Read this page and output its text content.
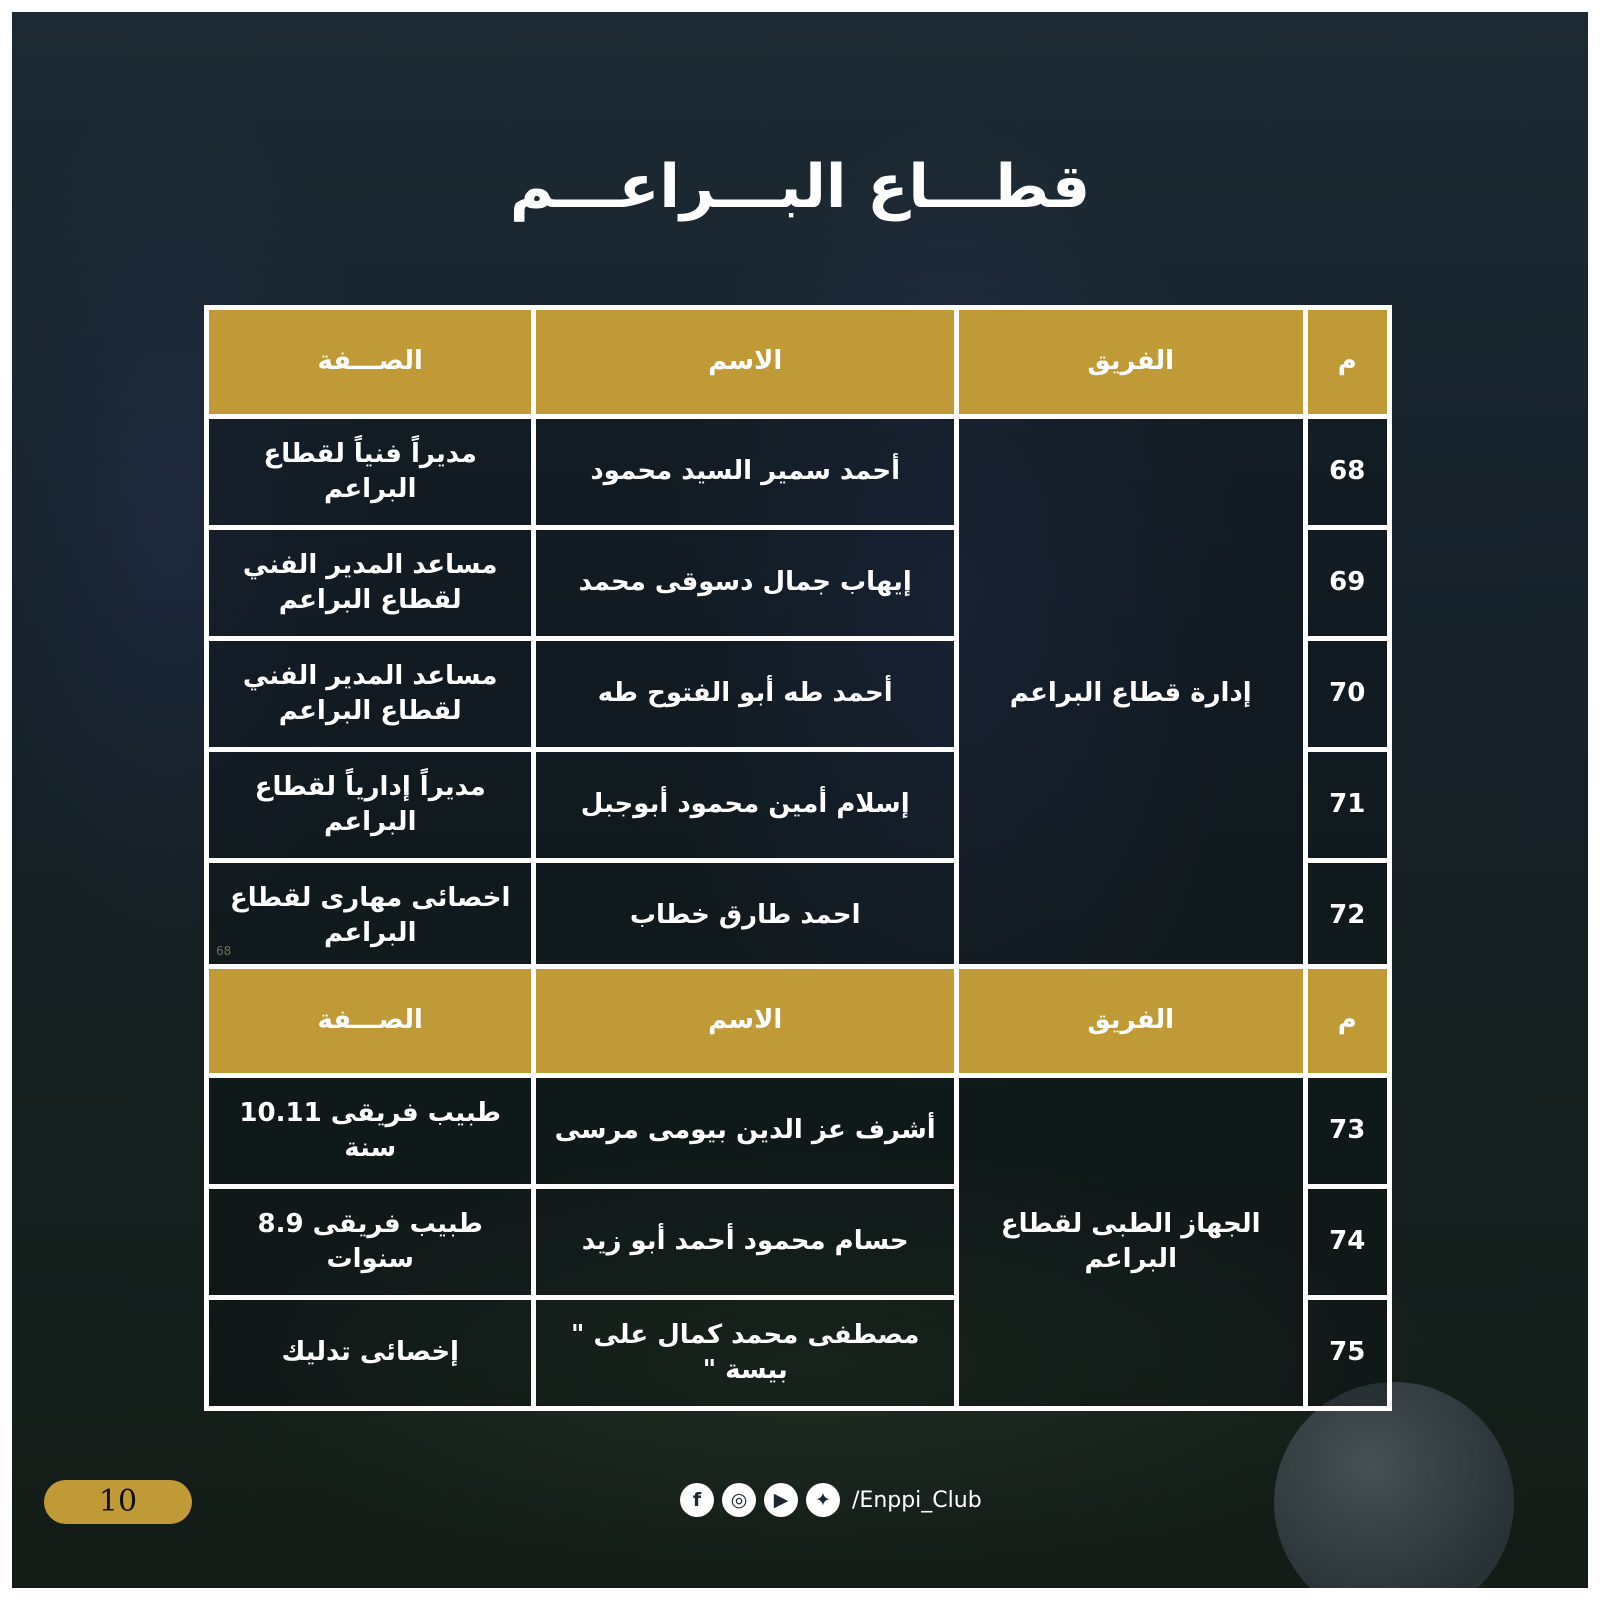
قطـــاع البـــراعـــم
م	الفريق	الاسم	الصـــفة
68	إدارة قطاع البراعم	أحمد سمير السيد محمود	مديراً فنياً لقطاع البراعم
69		إيهاب جمال دسوقى محمد	مساعد المدير الفني لقطاع البراعم
70		أحمد طه أبو الفتوح طه	مساعد المدير الفني لقطاع البراعم
71		إسلام أمين محمود أبوجبل	مديراً إدارياً لقطاع البراعم
72		احمد طارق خطاب	اخصائى مهارى لقطاع البراعم
68
م	الفريق	الاسم	الصـــفة
73	الجهاز الطبى لقطاع البراعم	أشرف عز الدين بيومى مرسى	طبيب فريقى 10.11 سنة
74		حسام محمود أحمد أبو زيد	طبيب فريقى 8.9 سنوات
75		مصطفى محمد كمال على " بيسة "	إخصائى تدليك
10	f	◎	▶	✦ /Enppi_Club
